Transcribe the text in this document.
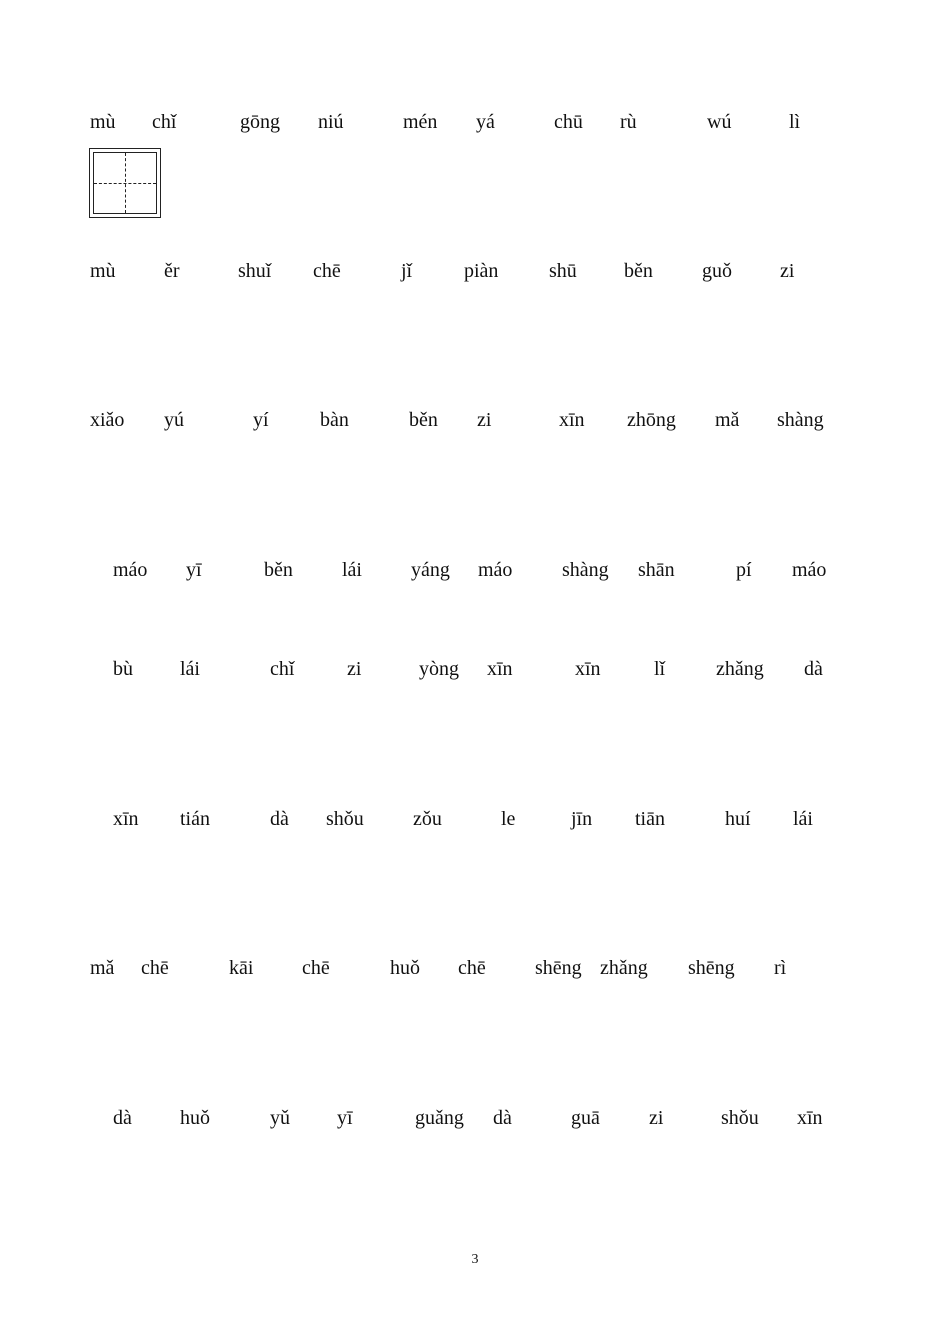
mù chǐ	gōng niú	mén yá	chū rù	wú	lì
mù ěr	shuǐ chē	jǐ	piàn	shū běn guǒ zi
xiǎo yú	yí	bàn	běn zi	xīn zhōng mǎ shàng
máo yī	běn lái yáng máo shàng shān	pí máo
bù lái	chǐ	zi	yòng xīn	xīn	lǐ	zhǎng dà
xīn tián	dà shǒu zǒu	le	jīn tiān	huí lái
mǎ chē	kāi chē	huǒ chē shēng zhǎng shēng rì
dà huǒ	yǔ yī	guǎng dà	guā zi	shǒu xīn
3
